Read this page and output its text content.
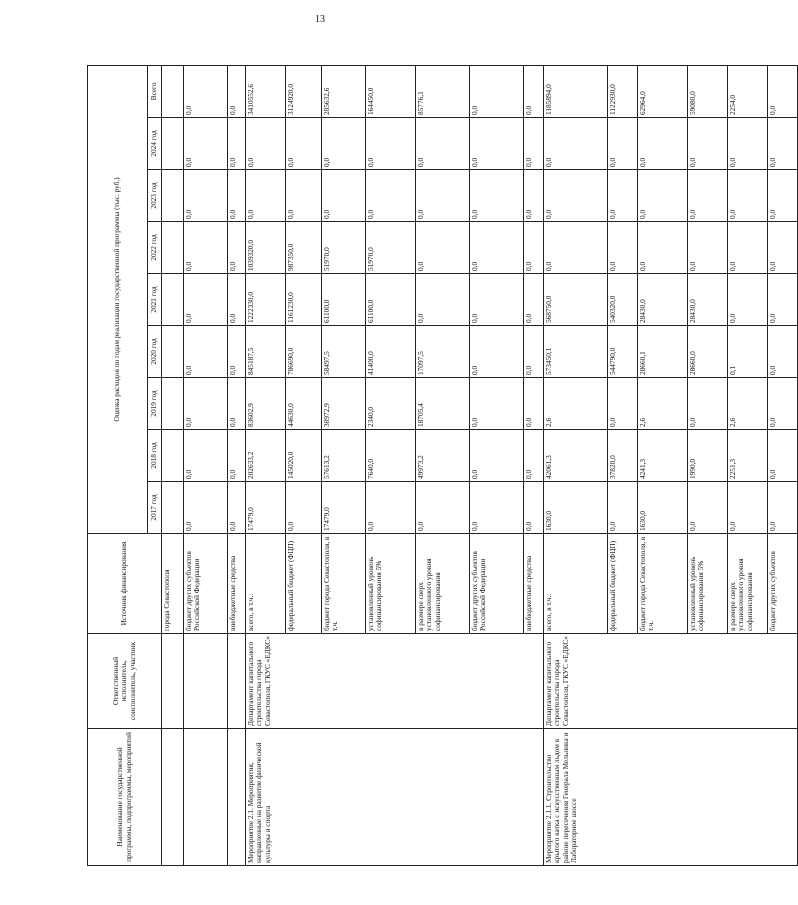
13
Наименование государственной программы, подпрограммы, мероприятий	Ответственный исполнитель, соисполнитель, участник	Источник финансирования	Оценка расходов по годам реализации государственной программы (тыс. руб.)								
			2017 год	2018 год	2019 год	2020 год	2021 год	2022 год	2023 год	2024 год	Всего
		города Севастополя									
		бюджет других субъектов Российской Федерации	0,0	0,0	0,0	0,0	0,0	0,0	0,0	0,0	0,0
		внебюджетные средства	0,0	0,0	0,0	0,0	0,0	0,0	0,0	0,0	0,0
Мероприятие 2.1. Мероприятия, направленные на развитие физической культуры и спорта	Департамент капитального строительства города Севастополя, ГКУС «ЕДКС»	всего, в т.ч.:	17479,0	202633,2	83602,9	845187,5	1222330,0	1039320,0	0,0	0,0	3410552,6
		федеральный бюджет (ФЦП)	0,0	145020,0	44630,0	786690,0	1161230,0	987350,0	0,0	0,0	3124920,0
		бюджет города Севастополя, в т.ч.	17479,0	57613,2	38972,9	58497,5	61100,0	51970,0	0,0	0,0	285632,6
		установленный уровень софинансирования 5%	0,0	7640,0	2340,0	41400,0	61100,0	51970,0	0,0	0,0	164450,0
		в размере сверх установленного уровня софинансирования	0,0	49973,2	18705,4	17097,5	0,0	0,0	0,0	0,0	85776,1
		бюджет других субъектов Российской Федерации	0,0	0,0	0,0	0,0	0,0	0,0	0,0	0,0	0,0
		внебюджетные средства	0,0	0,0	0,0	0,0	0,0	0,0	0,0	0,0	0,0
Мероприятие 2.1.1. Строительство крытого катка с искусственным льдом в районе пересечения Генерала Мельника и Лабораторное шоссе	Департамент капитального строительства города Севастополя, ГКУС «ЕДКС»	всего, в т.ч.:	1630,0	42061,3	2,6	573450,1	568750,0	0,0	0,0	0,0	1185894,0
		федеральный бюджет (ФЦП)	0,0	37820,0	0,0	544790,0	540320,0	0,0	0,0	0,0	1122930,0
		бюджет города Севастополя, в т.ч.	1630,0	4241,3	2,6	28660,1	28430,0	0,0	0,0	0,0	62964,0
		установленный уровень софинансирования 5%	0,0	1990,0	0,0	28660,0	28430,0	0,0	0,0	0,0	59080,0
		в размере сверх установленного уровня софинансирования	0,0	2251,3	2,6	0,1	0,0	0,0	0,0	0,0	2254,0
		бюджет других субъектов	0,0	0,0	0,0	0,0	0,0	0,0	0,0	0,0	0,0
